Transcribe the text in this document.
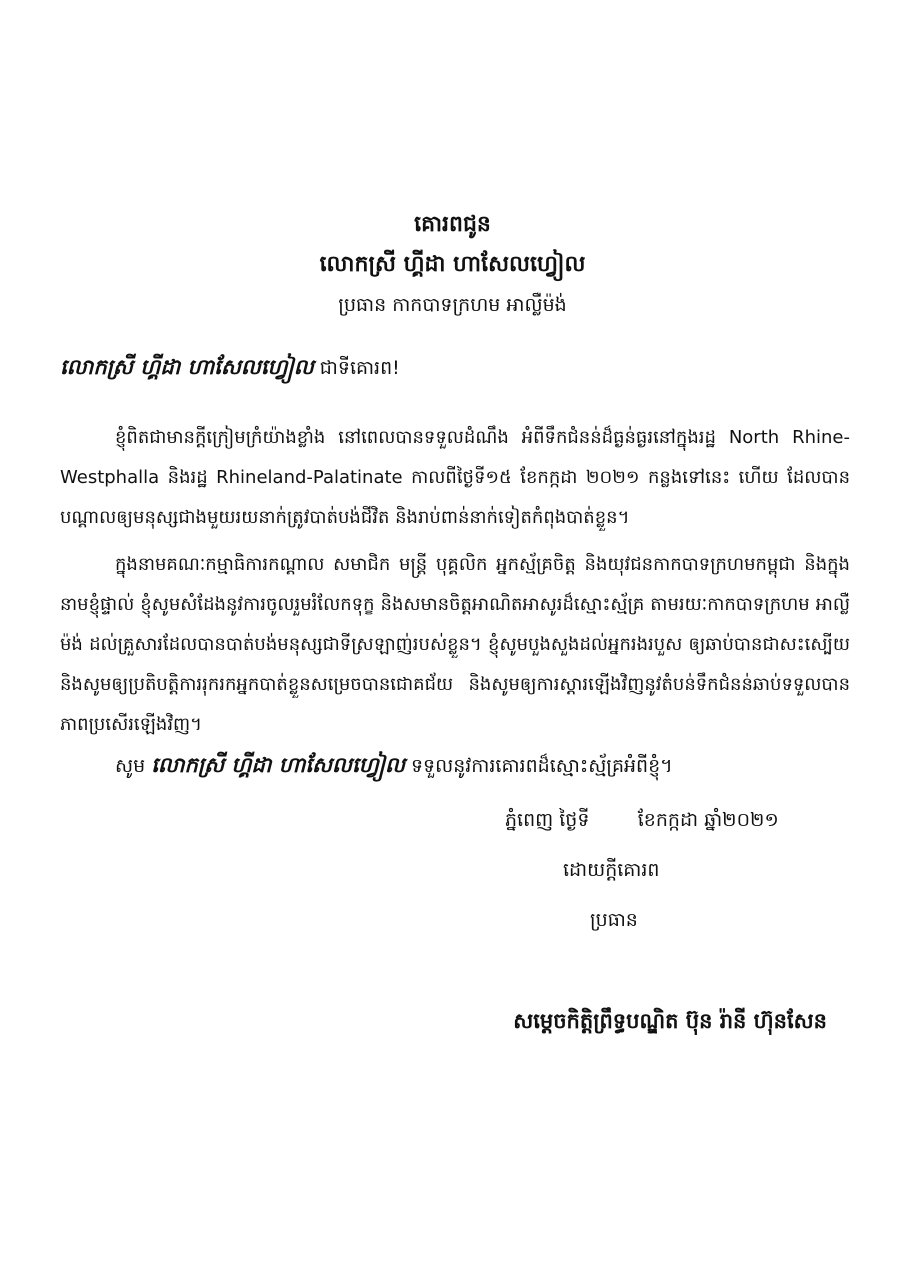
គោរពជូន
លោកស្រី ហ្គីដា ហាសែលហ្វៀល
ប្រធាន កាកបាទក្រហម អាល្លឺម៉ង់
លោកស្រី ហ្គីដា ហាសែលហ្វៀល ជាទីគោរព!

ខ្ញុំពិតជាមានក្ដីក្រៀមក្រំយ៉ាងខ្លាំង នៅពេលបានទទួលដំណឹង អំពីទឹកជំនន់ដ៏ធ្ងន់ធ្ងរនៅក្នុងរដ្ឋ North Rhine-Westphalla និងរដ្ឋ Rhineland-Palatinate កាលពីថ្ងៃទី១៥ ខែកក្កដា ២០២១ កន្លងទៅនេះ ហើយ ដែលបានបណ្ដាលឲ្យមនុស្សជាងមួយរយនាក់ត្រូវបាត់បង់ជីវិត និងរាប់ពាន់នាក់ទៀតកំពុងបាត់ខ្លួន។

ក្នុងនាមគណៈកម្មាធិការកណ្ដាល សមាជិក មន្ត្រី បុគ្គលិក អ្នកស្ម័គ្រចិត្ត និងយុវជនកាកបាទក្រហមកម្ពុជា និងក្នុងនាមខ្ញុំផ្ទាល់ ខ្ញុំសូមសំដែងនូវការចូលរួមរំលែកទុក្ខ និងសមានចិត្តអាណិតអាសូរដ៏ស្មោះស្ម័គ្រ តាមរយៈកាកបាទក្រហម អាល្លឺម៉ង់ ដល់គ្រួសារដែលបានបាត់បង់មនុស្សជាទីស្រឡាញ់របស់ខ្លួន។ ខ្ញុំសូមបួងសួងដល់អ្នករងរបួស ឲ្យឆាប់បានជាសះស្បើយ និងសូមឲ្យប្រតិបត្តិការរុករកអ្នកបាត់ខ្លួនសម្រេចបានជោគជ័យ និងសូមឲ្យការស្ដារឡើងវិញនូវតំបន់ទឹកជំនន់ឆាប់ទទួលបានភាពប្រសើរឡើងវិញ។

សូម លោកស្រី ហ្គីដា ហាសែលហ្វៀល ទទួលនូវការគោរពដ៏ស្មោះស្ម័គ្រអំពីខ្ញុំ។
ភ្នំពេញ ថ្ងៃទី        ខែកក្កដា ឆ្នាំ២០២១
ដោយក្ដីគោរព
ប្រធាន
សម្ដេចកិត្តិព្រឹទ្ធបណ្ឌិត ប៊ុន រ៉ានី ហ៊ុនសែន
